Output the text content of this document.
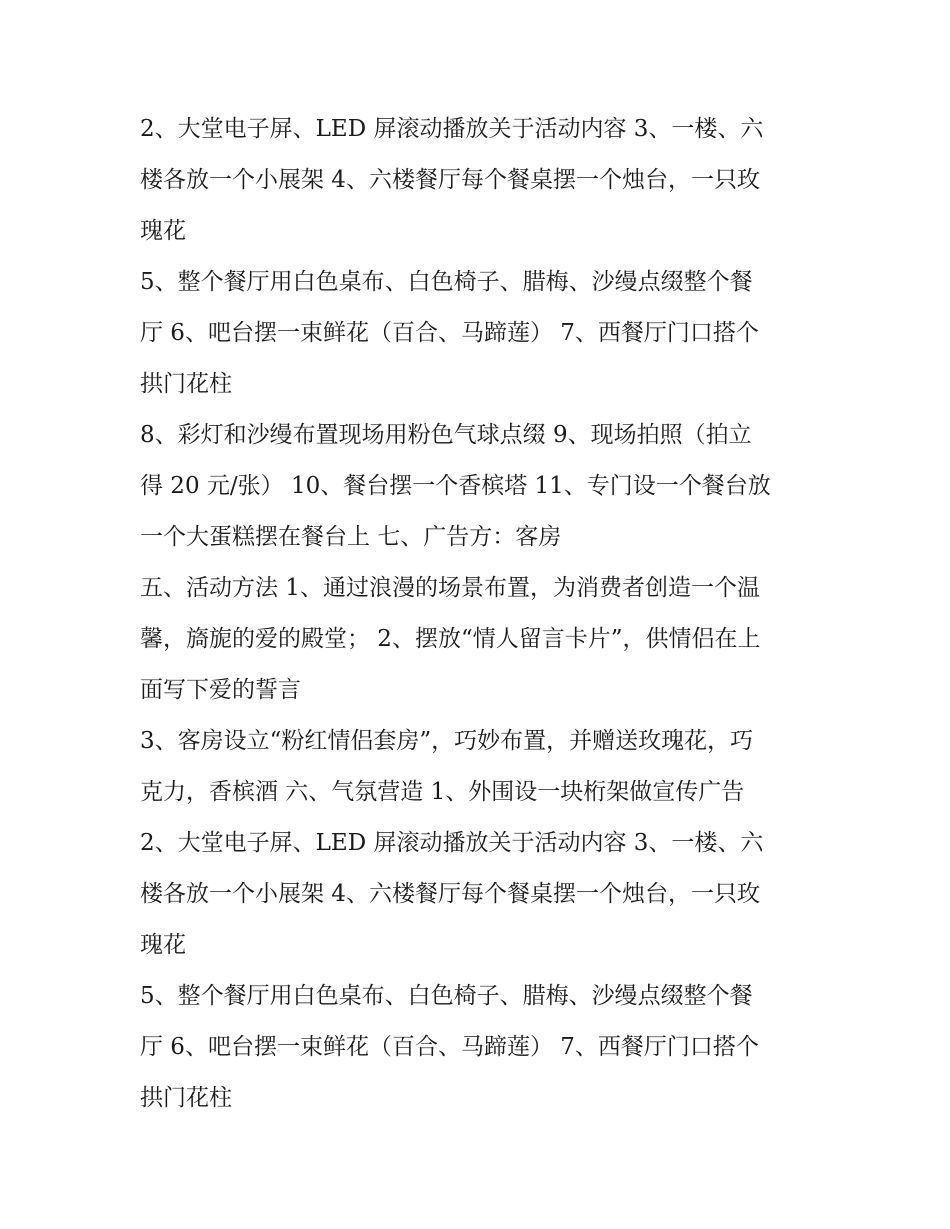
2、大堂电子屏、LED 屏滚动播放关于活动内容 3、一楼、六
楼各放一个小展架 4、六楼餐厅每个餐桌摆一个烛台，一只玫
瑰花
5、整个餐厅用白色桌布、白色椅子、腊梅、沙缦点缀整个餐
厅 6、吧台摆一束鲜花（百合、马蹄莲） 7、西餐厅门口搭个
拱门花柱
8、彩灯和沙缦布置现场用粉色气球点缀 9、现场拍照（拍立
得 20 元/张） 10、餐台摆一个香槟塔 11、专门设一个餐台放
一个大蛋糕摆在餐台上 七、广告方：客房
五、活动方法 1、通过浪漫的场景布置，为消费者创造一个温
馨，旖旎的爱的殿堂； 2、摆放“情人留言卡片”，供情侣在上
面写下爱的誓言
3、客房设立“粉红情侣套房”，巧妙布置，并赠送玫瑰花，巧
克力，香槟酒 六、气氛营造 1、外围设一块桁架做宣传广告
2、大堂电子屏、LED 屏滚动播放关于活动内容 3、一楼、六
楼各放一个小展架 4、六楼餐厅每个餐桌摆一个烛台，一只玫
瑰花
5、整个餐厅用白色桌布、白色椅子、腊梅、沙缦点缀整个餐
厅 6、吧台摆一束鲜花（百合、马蹄莲） 7、西餐厅门口搭个
拱门花柱
